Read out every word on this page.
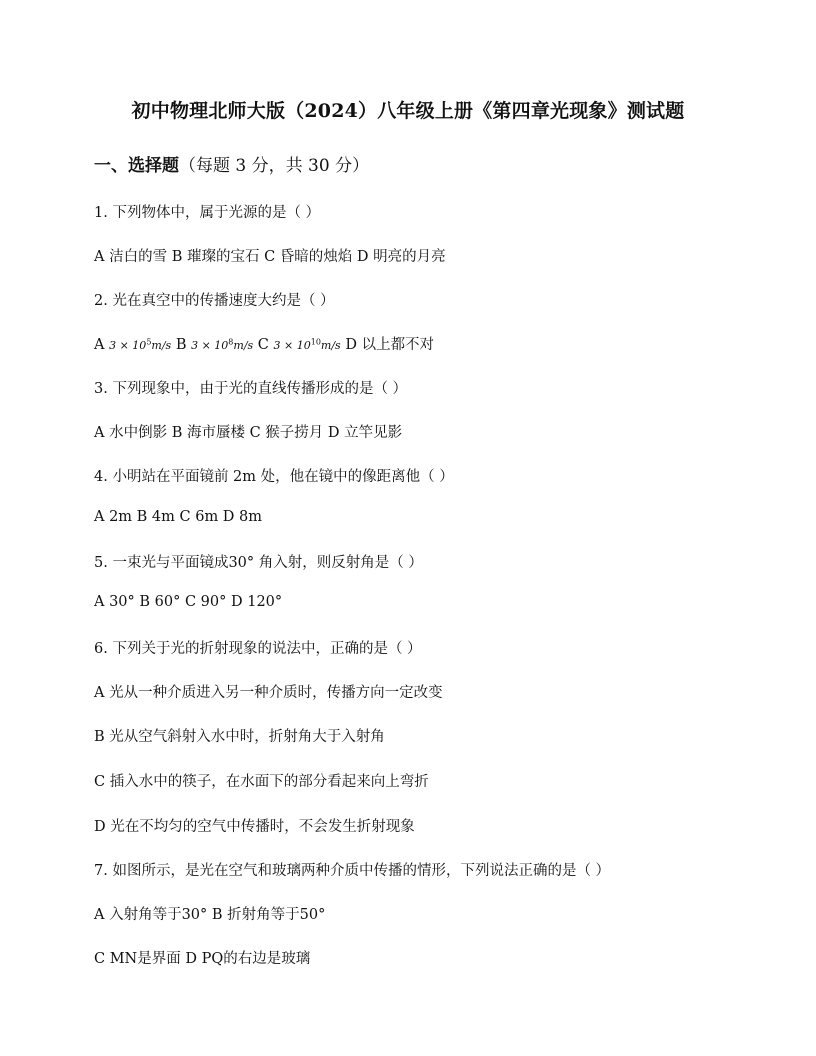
初中物理北师大版（2024）八年级上册《第四章光现象》测试题
一、选择题（每题 3 分，共 30 分）
1. 下列物体中，属于光源的是（ ）
A 洁白的雪 B 璀璨的宝石 C 昏暗的烛焰 D 明亮的月亮
2. 光在真空中的传播速度大约是（ ）
A $3 \times 10^5m/s$ B $3 \times 10^8m/s$ C $3 \times 10^{10}m/s$ D 以上都不对
3. 下列现象中，由于光的直线传播形成的是（ ）
A 水中倒影 B 海市蜃楼 C 猴子捞月 D 立竿见影
4. 小明站在平面镜前 2m 处，他在镜中的像距离他（ ）
A 2m B 4m C 6m D 8m
5. 一束光与平面镜成30° 角入射，则反射角是（ ）
A 30° B 60° C 90° D 120°
6. 下列关于光的折射现象的说法中，正确的是（ ）
A 光从一种介质进入另一种介质时，传播方向一定改变
B 光从空气斜射入水中时，折射角大于入射角
C 插入水中的筷子，在水面下的部分看起来向上弯折
D 光在不均匀的空气中传播时，不会发生折射现象
7. 如图所示，是光在空气和玻璃两种介质中传播的情形，下列说法正确的是（ ）
A 入射角等于30° B 折射角等于50°
C MN是界面 D PQ的右边是玻璃
